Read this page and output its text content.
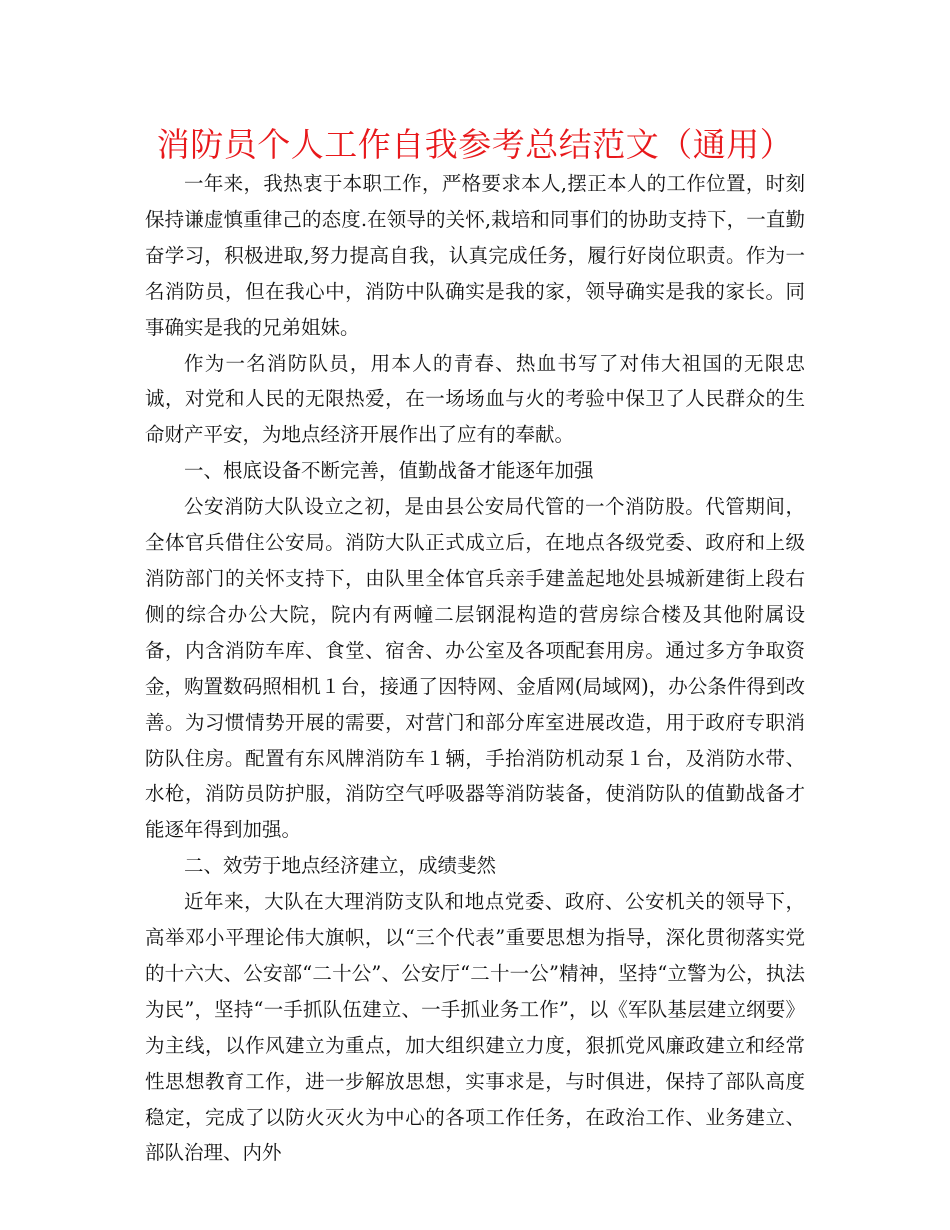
消防员个人工作自我参考总结范文（通用）

一年来，我热衷于本职工作，严格要求本人,摆正本人的工作位置，时刻保持谦虚慎重律己的态度.在领导的关怀,栽培和同事们的协助支持下，一直勤奋学习，积极进取,努力提高自我，认真完成任务，履行好岗位职责。作为一名消防员，但在我心中，消防中队确实是我的家，领导确实是我的家长。同事确实是我的兄弟姐妹。

作为一名消防队员，用本人的青春、热血书写了对伟大祖国的无限忠诚，对党和人民的无限热爱，在一场场血与火的考验中保卫了人民群众的生命财产平安，为地点经济开展作出了应有的奉献。

一、根底设备不断完善，值勤战备才能逐年加强

公安消防大队设立之初，是由县公安局代管的一个消防股。代管期间，全体官兵借住公安局。消防大队正式成立后，在地点各级党委、政府和上级消防部门的关怀支持下，由队里全体官兵亲手建盖起地处县城新建街上段右侧的综合办公大院，院内有两幢二层钢混构造的营房综合楼及其他附属设备，内含消防车库、食堂、宿舍、办公室及各项配套用房。通过多方争取资金，购置数码照相机１台，接通了因特网、金盾网(局域网)，办公条件得到改善。为习惯情势开展的需要，对营门和部分库室进展改造，用于政府专职消防队住房。配置有东风牌消防车１辆，手抬消防机动泵１台，及消防水带、水枪，消防员防护服，消防空气呼吸器等消防装备，使消防队的值勤战备才能逐年得到加强。

二、效劳于地点经济建立，成绩斐然

近年来，大队在大理消防支队和地点党委、政府、公安机关的领导下，高举邓小平理论伟大旗帜，以“三个代表”重要思想为指导，深化贯彻落实党的十六大、公安部“二十公”、公安厅“二十一公”精神，坚持“立警为公，执法为民”，坚持“一手抓队伍建立、一手抓业务工作”，以《军队基层建立纲要》为主线，以作风建立为重点，加大组织建立力度，狠抓党风廉政建立和经常性思想教育工作，进一步解放思想，实事求是，与时俱进，保持了部队高度稳定，完成了以防火灭火为中心的各项工作任务，在政治工作、业务建立、部队治理、内外
